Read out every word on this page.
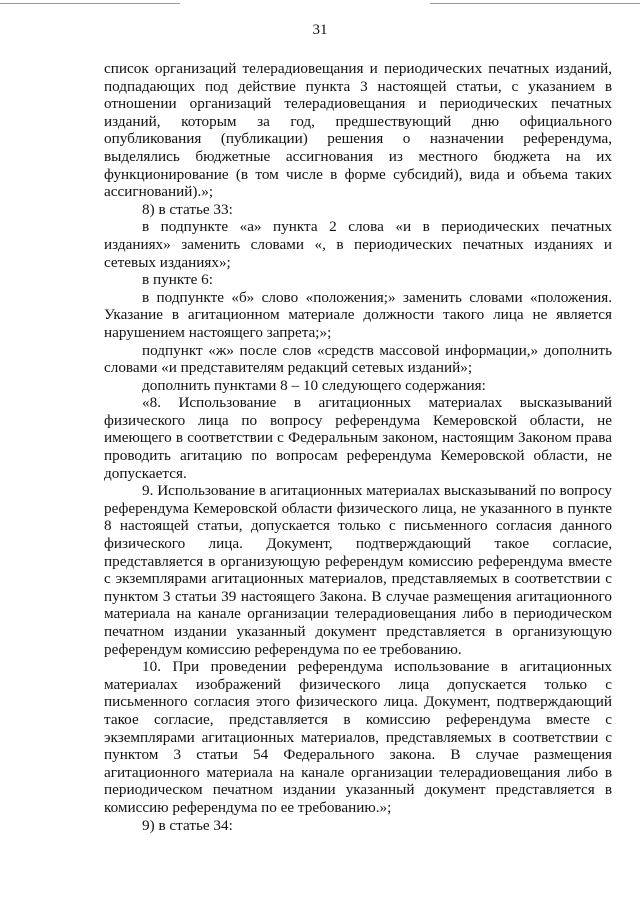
31

список организаций телерадиовещания и периодических печатных изданий, подпадающих под действие пункта 3 настоящей статьи, с указанием в отношении организаций телерадиовещания и периодических печатных изданий, которым за год, предшествующий дню официального опубликования (публикации) решения о назначении референдума, выделялись бюджетные ассигнования из местного бюджета на их функционирование (в том числе в форме субсидий), вида и объема таких ассигнований).»;

8) в статье 33:

в подпункте «а» пункта 2 слова «и в периодических печатных изданиях» заменить словами «, в периодических печатных изданиях и сетевых изданиях»;

в пункте 6:

в подпункте «б» слово «положения;» заменить словами «положения. Указание в агитационном материале должности такого лица не является нарушением настоящего запрета;»;

подпункт «ж» после слов «средств массовой информации,» дополнить словами «и представителям редакций сетевых изданий»;

дополнить пунктами 8 – 10 следующего содержания:

«8. Использование в агитационных материалах высказываний физического лица по вопросу референдума Кемеровской области, не имеющего в соответствии с Федеральным законом, настоящим Законом права проводить агитацию по вопросам референдума Кемеровской области, не допускается.

9. Использование в агитационных материалах высказываний по вопросу референдума Кемеровской области физического лица, не указанного в пункте 8 настоящей статьи, допускается только с письменного согласия данного физического лица. Документ, подтверждающий такое согласие, представляется в организующую референдум комиссию референдума вместе с экземплярами агитационных материалов, представляемых в соответствии с пунктом 3 статьи 39 настоящего Закона. В случае размещения агитационного материала на канале организации телерадиовещания либо в периодическом печатном издании указанный документ представляется в организующую референдум комиссию референдума по ее требованию.

10. При проведении референдума использование в агитационных материалах изображений физического лица допускается только с письменного согласия этого физического лица. Документ, подтверждающий такое согласие, представляется в комиссию референдума вместе с экземплярами агитационных материалов, представляемых в соответствии с пунктом 3 статьи 54 Федерального закона. В случае размещения агитационного материала на канале организации телерадиовещания либо в периодическом печатном издании указанный документ представляется в комиссию референдума по ее требованию.»;

9) в статье 34:
